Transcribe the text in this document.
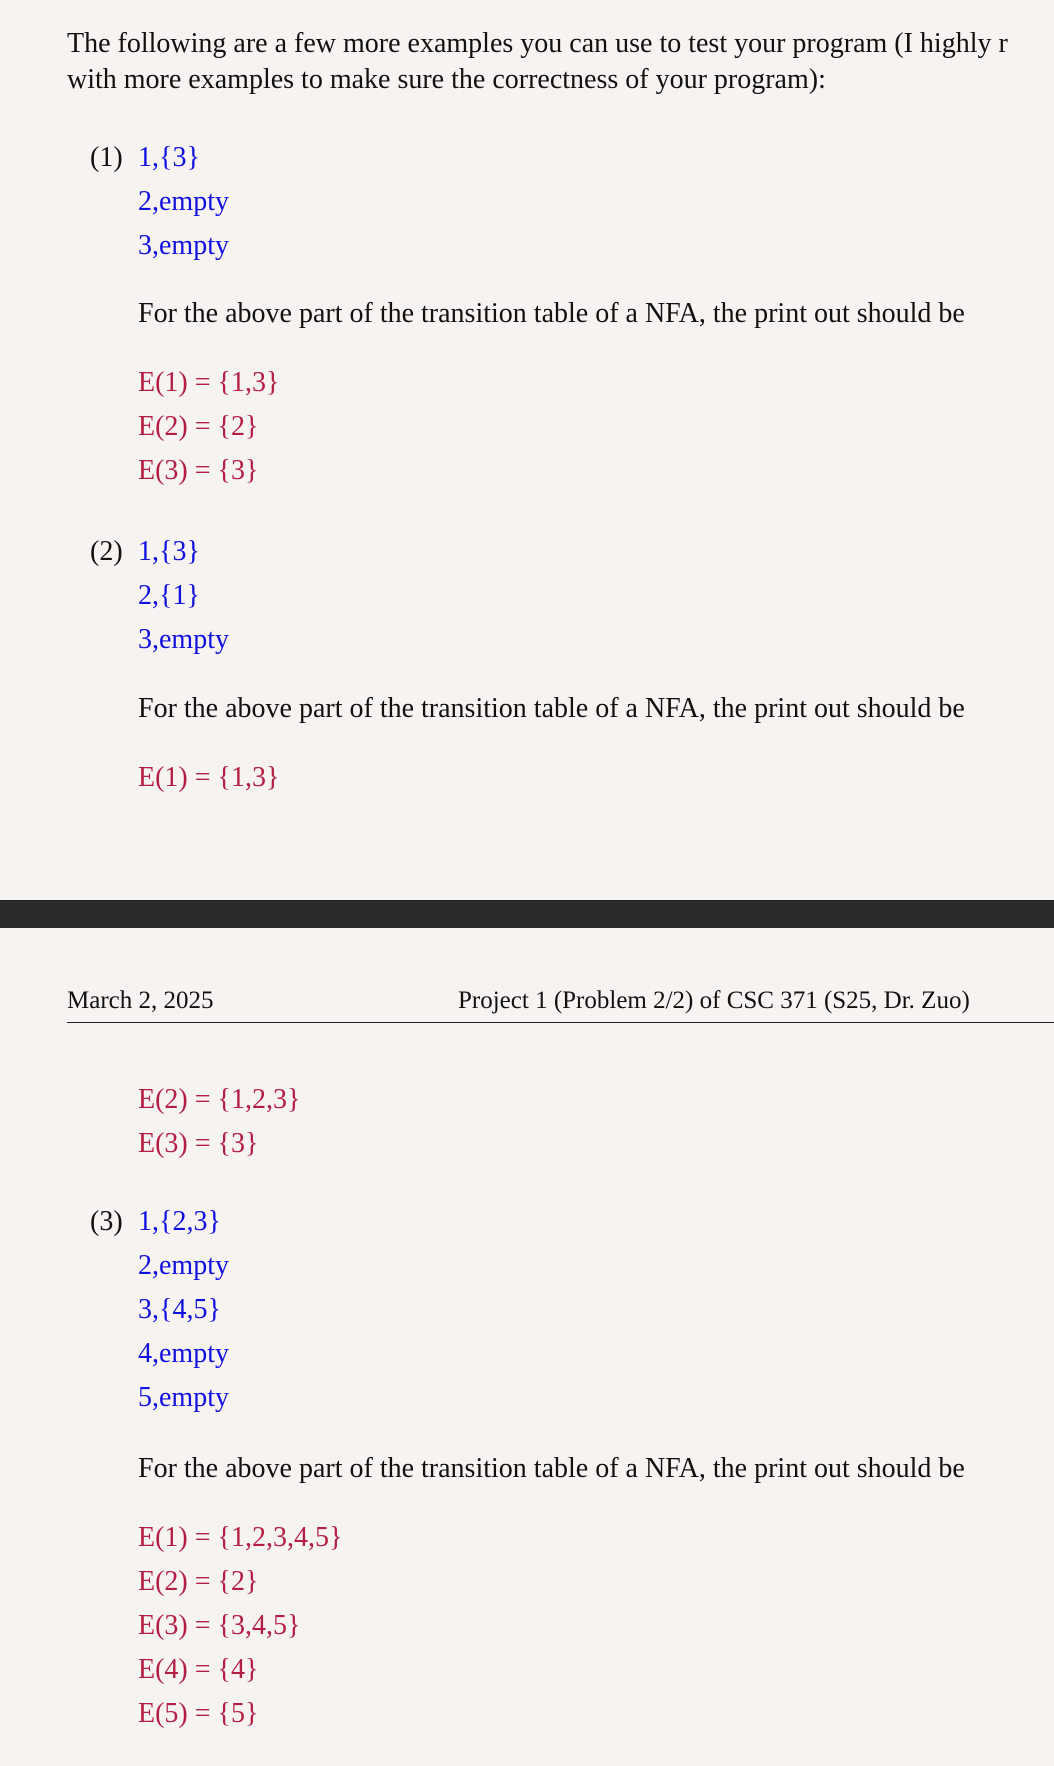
The following are a few more examples you can use to test your program (I highly r
with more examples to make sure the correctness of your program):
(1) 1,{3}
2,empty
3,empty
For the above part of the transition table of a NFA, the print out should be
E(1) = {1,3}
E(2) = {2}
E(3) = {3}
(2) 1,{3}
2,{1}
3,empty
For the above part of the transition table of a NFA, the print out should be
E(1) = {1,3}
March 2, 2025	Project 1 (Problem 2/2) of CSC 371 (S25, Dr. Zuo)
E(2) = {1,2,3}
E(3) = {3}
(3) 1,{2,3}
2,empty
3,{4,5}
4,empty
5,empty
For the above part of the transition table of a NFA, the print out should be
E(1) = {1,2,3,4,5}
E(2) = {2}
E(3) = {3,4,5}
E(4) = {4}
E(5) = {5}
